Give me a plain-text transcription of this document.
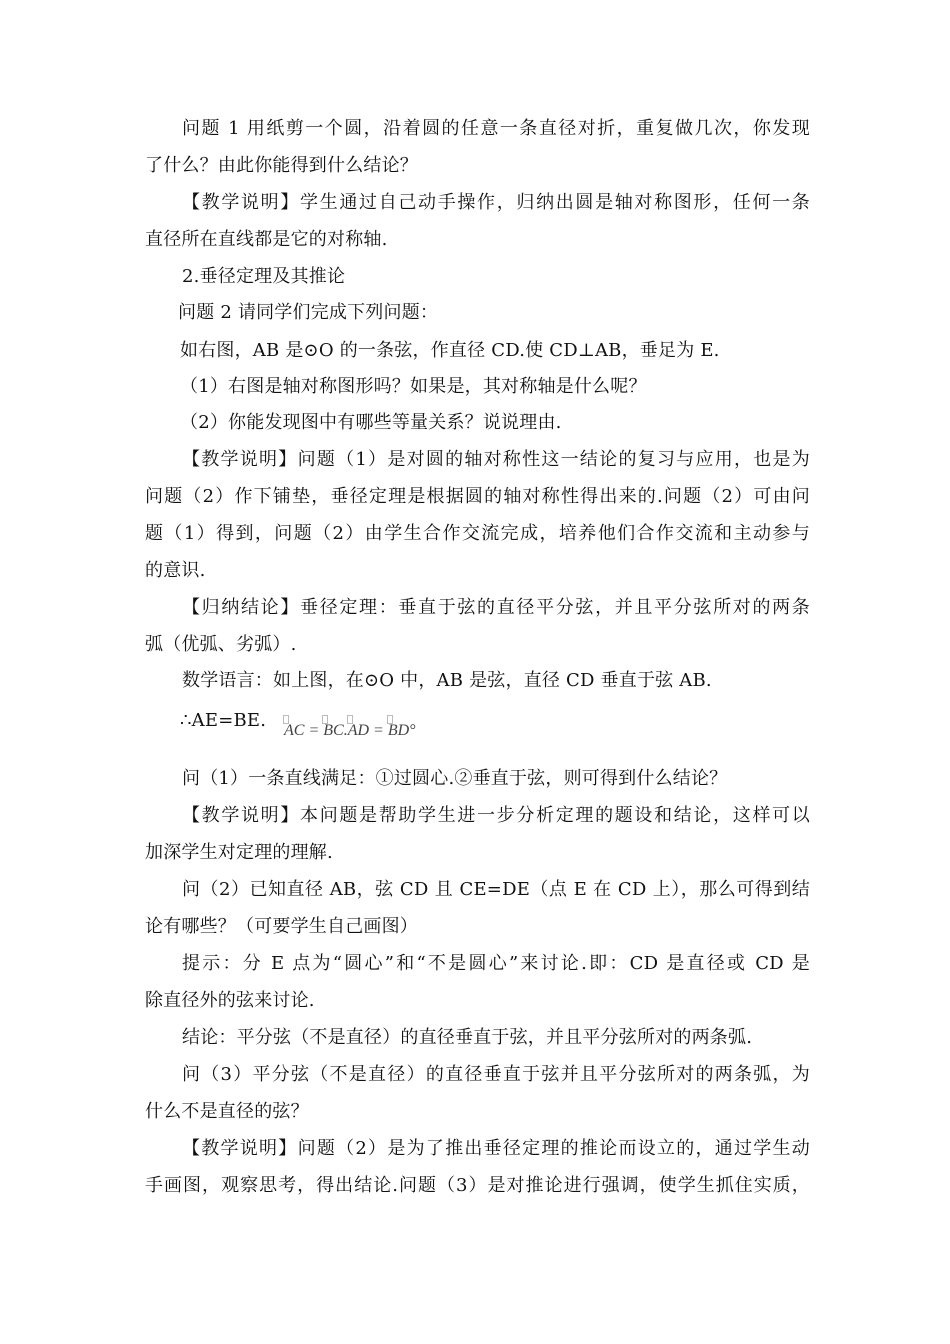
问题 1 用纸剪一个圆，沿着圆的任意一条直径对折，重复做几次，你发现
了什么？由此你能得到什么结论？
【教学说明】学生通过自己动手操作，归纳出圆是轴对称图形，任何一条
直径所在直线都是它的对称轴.
2.垂径定理及其推论
问题 2 请同学们完成下列问题：
如右图，AB 是⊙O 的一条弦，作直径 CD.使 CD⊥AB，垂足为 E.
（1）右图是轴对称图形吗？如果是，其对称轴是什么呢？
（2）你能发现图中有哪些等量关系？说说理由.
【教学说明】问题（1）是对圆的轴对称性这一结论的复习与应用，也是为
问题（2）作下铺垫，垂径定理是根据圆的轴对称性得出来的.问题（2）可由问
题（1）得到，问题（2）由学生合作交流完成，培养他们合作交流和主动参与
的意识.
【归纳结论】垂径定理：垂直于弦的直径平分弦，并且平分弦所对的两条
弧（优弧、劣弧）.
数学语言：如上图，在⊙O 中，AB 是弦，直径 CD 垂直于弦 AB.
∴AE=BE.	AC = BC.AD = BD°
问（1）一条直线满足：①过圆心.②垂直于弦，则可得到什么结论？
【教学说明】本问题是帮助学生进一步分析定理的题设和结论，这样可以
加深学生对定理的理解.
问（2）已知直径 AB，弦 CD 且 CE=DE（点 E 在 CD 上），那么可得到结
论有哪些？（可要学生自己画图）
提示：分 E 点为“圆心”和“不是圆心”来讨论.即：CD 是直径或 CD 是
除直径外的弦来讨论.
结论：平分弦（不是直径）的直径垂直于弦，并且平分弦所对的两条弧.
问（3）平分弦（不是直径）的直径垂直于弦并且平分弦所对的两条弧，为
什么不是直径的弦？
【教学说明】问题（2）是为了推出垂径定理的推论而设立的，通过学生动
手画图，观察思考，得出结论.问题（3）是对推论进行强调，使学生抓住实质，
